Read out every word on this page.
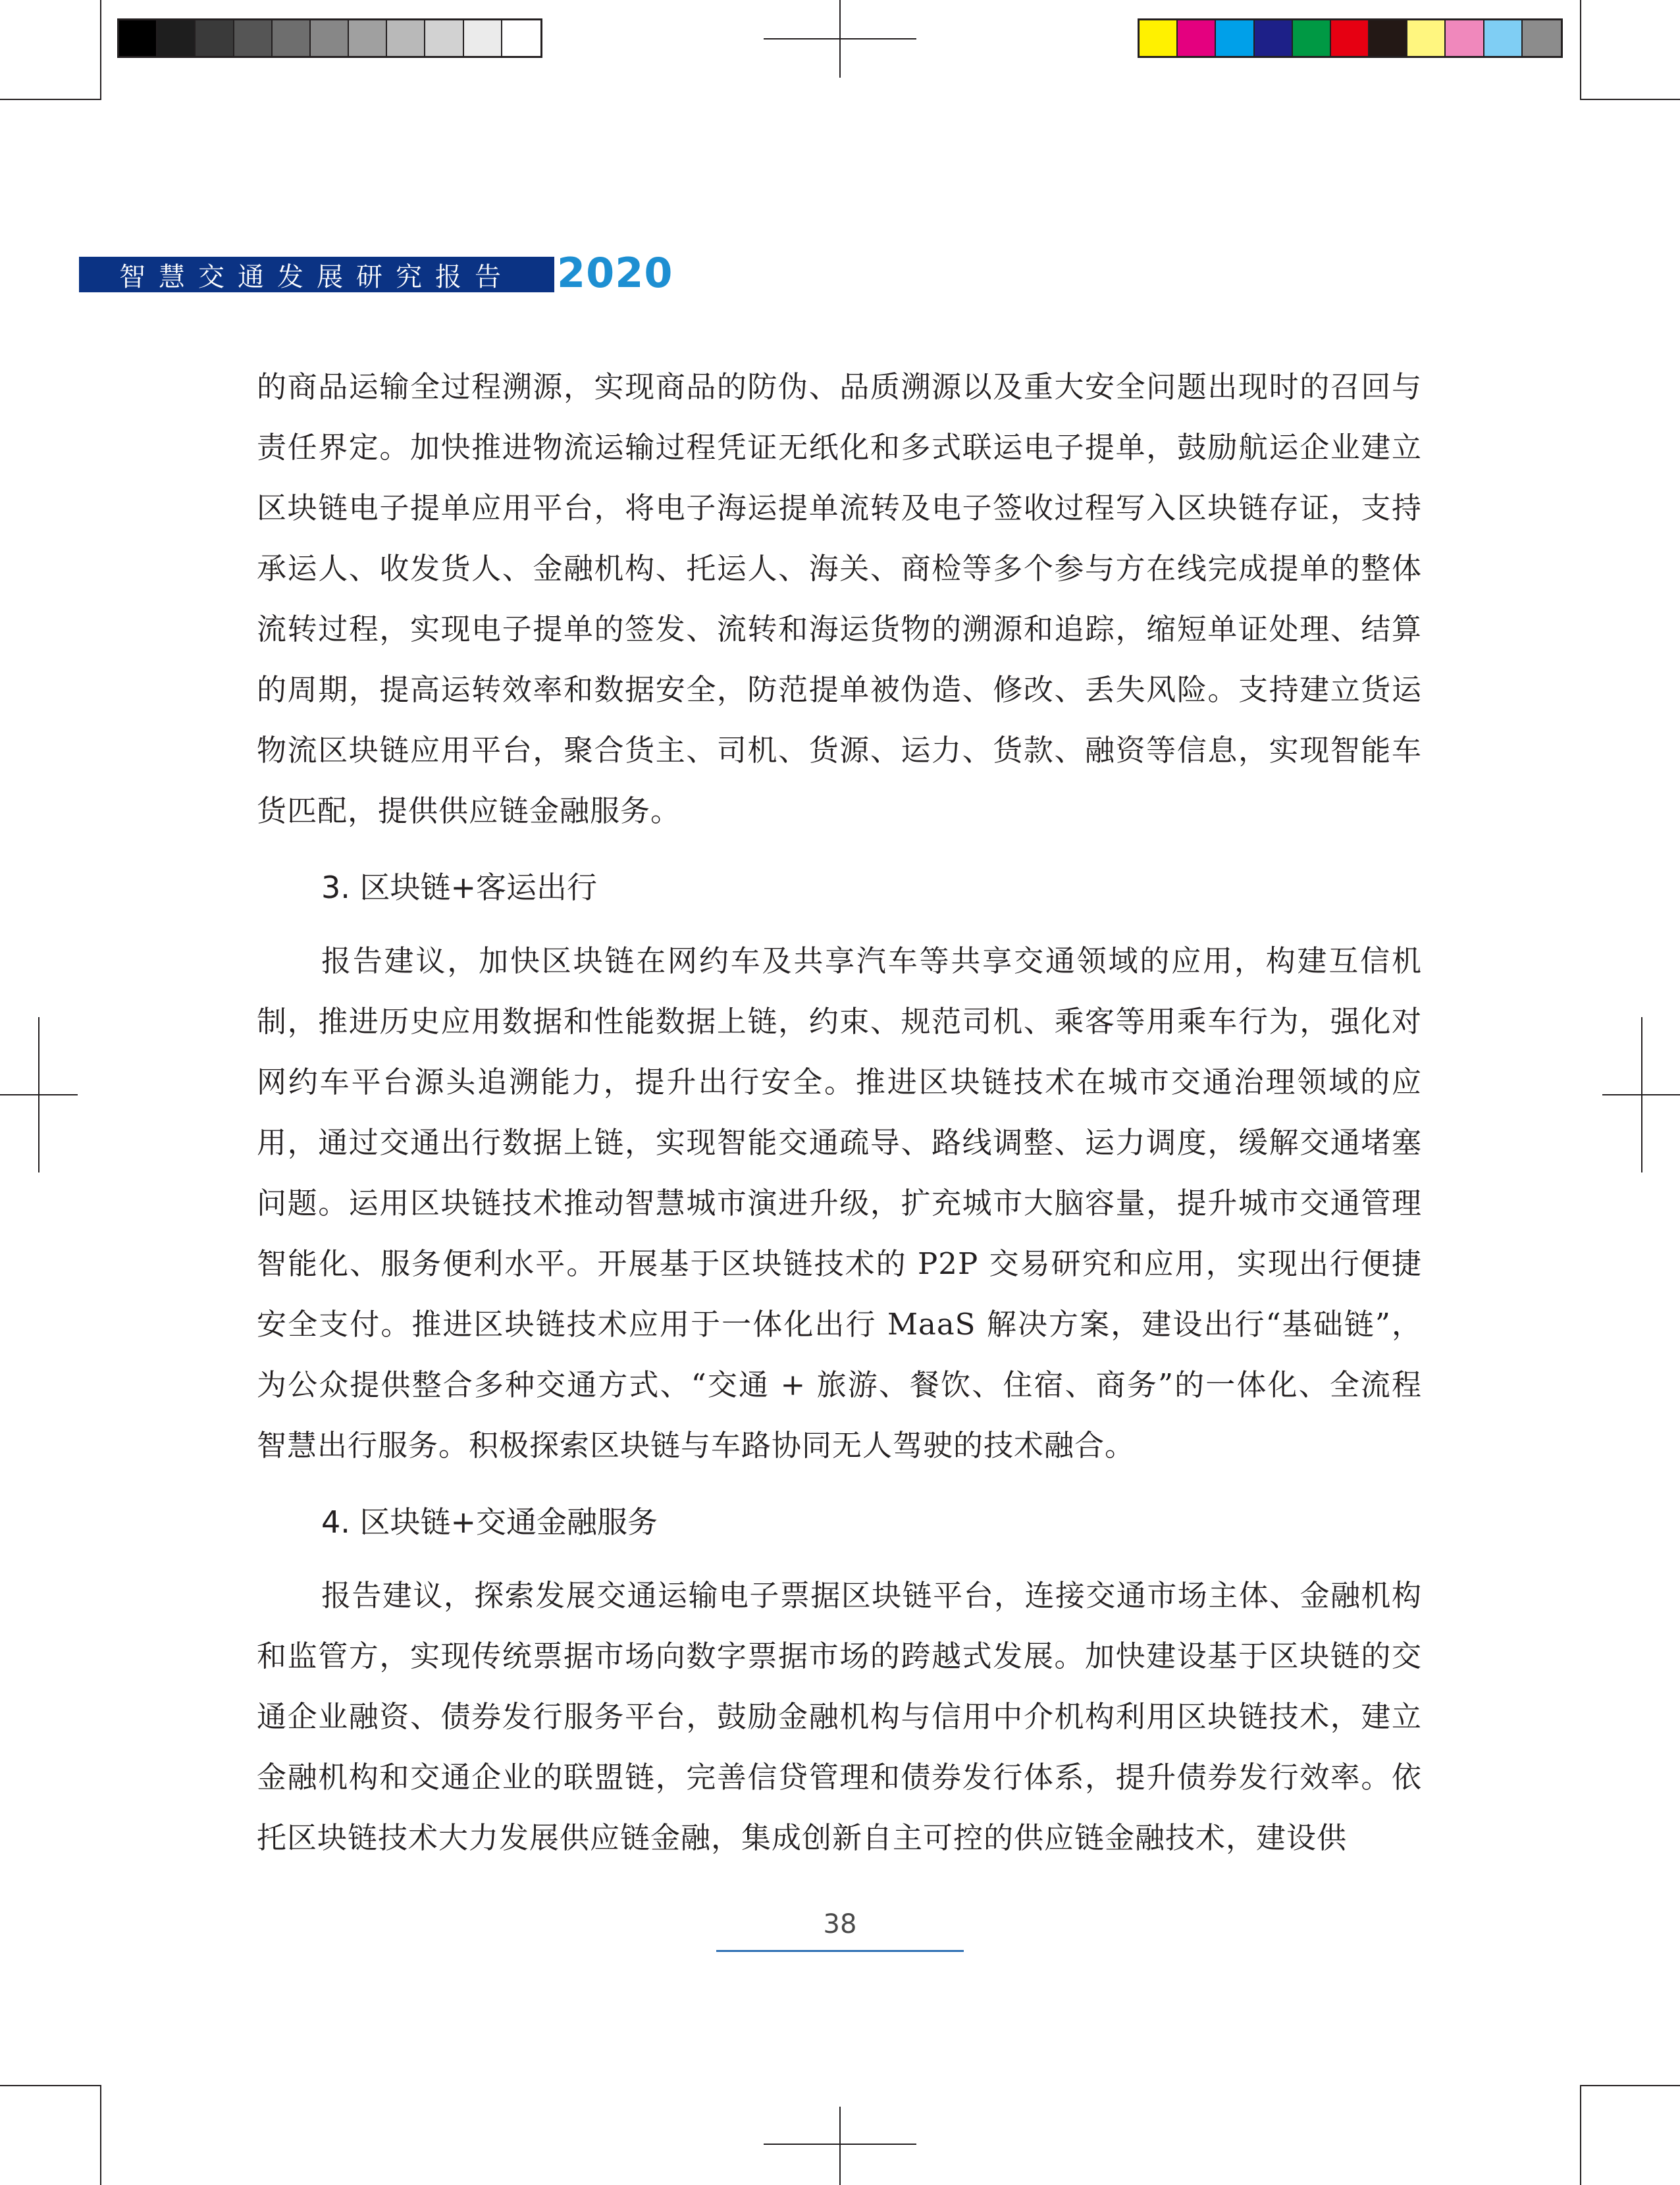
智慧交通发展研究报告 2020

的商品运输全过程溯源，实现商品的防伪、品质溯源以及重大安全问题出现时的召回与责任界定。加快推进物流运输过程凭证无纸化和多式联运电子提单，鼓励航运企业建立区块链电子提单应用平台，将电子海运提单流转及电子签收过程写入区块链存证，支持承运人、收发货人、金融机构、托运人、海关、商检等多个参与方在线完成提单的整体流转过程，实现电子提单的签发、流转和海运货物的溯源和追踪，缩短单证处理、结算的周期，提高运转效率和数据安全，防范提单被伪造、修改、丢失风险。支持建立货运物流区块链应用平台，聚合货主、司机、货源、运力、货款、融资等信息，实现智能车货匹配，提供供应链金融服务。

3. 区块链+客运出行

报告建议，加快区块链在网约车及共享汽车等共享交通领域的应用，构建互信机制，推进历史应用数据和性能数据上链，约束、规范司机、乘客等用乘车行为，强化对网约车平台源头追溯能力，提升出行安全。推进区块链技术在城市交通治理领域的应用，通过交通出行数据上链，实现智能交通疏导、路线调整、运力调度，缓解交通堵塞问题。运用区块链技术推动智慧城市演进升级，扩充城市大脑容量，提升城市交通管理智能化、服务便利水平。开展基于区块链技术的 P2P 交易研究和应用，实现出行便捷安全支付。推进区块链技术应用于一体化出行 MaaS 解决方案，建设出行“基础链”，为公众提供整合多种交通方式、“交通 + 旅游、餐饮、住宿、商务”的一体化、全流程智慧出行服务。积极探索区块链与车路协同无人驾驶的技术融合。

4. 区块链+交通金融服务

报告建议，探索发展交通运输电子票据区块链平台，连接交通市场主体、金融机构和监管方，实现传统票据市场向数字票据市场的跨越式发展。加快建设基于区块链的交通企业融资、债券发行服务平台，鼓励金融机构与信用中介机构利用区块链技术，建立金融机构和交通企业的联盟链，完善信贷管理和债券发行体系，提升债券发行效率。依托区块链技术大力发展供应链金融，集成创新自主可控的供应链金融技术，建设供

38
